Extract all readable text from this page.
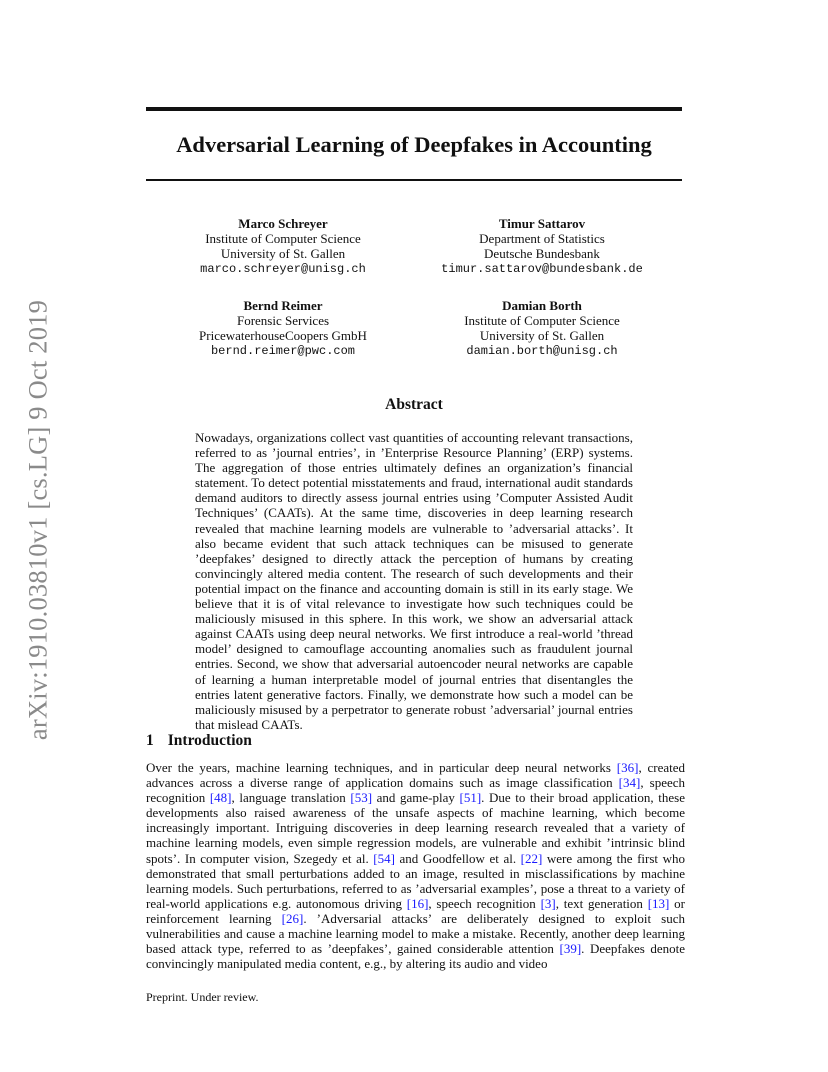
Adversarial Learning of Deepfakes in Accounting
Marco Schreyer
Institute of Computer Science
University of St. Gallen
marco.schreyer@unisg.ch
Timur Sattarov
Department of Statistics
Deutsche Bundesbank
timur.sattarov@bundesbank.de
Bernd Reimer
Forensic Services
PricewaterhouseCoopers GmbH
bernd.reimer@pwc.com
Damian Borth
Institute of Computer Science
University of St. Gallen
damian.borth@unisg.ch
arXiv:1910.03810v1 [cs.LG] 9 Oct 2019	Abstract

Nowadays, organizations collect vast quantities of accounting relevant transactions, referred to as ’journal entries’, in ’Enterprise Resource Planning’ (ERP) systems. The aggregation of those entries ultimately defines an organization’s financial statement. To detect potential misstatements and fraud, international audit standards demand auditors to directly assess journal entries using ’Computer Assisted Audit Techniques’ (CAATs). At the same time, discoveries in deep learning research revealed that machine learning models are vulnerable to ’adversarial attacks’. It also became evident that such attack techniques can be misused to generate ’deepfakes’ designed to directly attack the perception of humans by creating convincingly altered media content. The research of such developments and their potential impact on the finance and accounting domain is still in its early stage. We believe that it is of vital relevance to investigate how such techniques could be maliciously misused in this sphere. In this work, we show an adversarial attack against CAATs using deep neural networks. We first introduce a real-world ’thread model’ designed to camouflage accounting anomalies such as fraudulent journal entries. Second, we show that adversarial autoencoder neural networks are capable of learning a human interpretable model of journal entries that disentangles the entries latent generative factors. Finally, we demonstrate how such a model can be maliciously misused by a perpetrator to generate robust ’adversarial’ journal entries that mislead CAATs.

1 Introduction

Over the years, machine learning techniques, and in particular deep neural networks [36], created advances across a diverse range of application domains such as image classification [34], speech recognition [48], language translation [53] and game-play [51]. Due to their broad application, these developments also raised awareness of the unsafe aspects of machine learning, which become increasingly important. Intriguing discoveries in deep learning research revealed that a variety of machine learning models, even simple regression models, are vulnerable and exhibit ’intrinsic blind spots’. In computer vision, Szegedy et al. [54] and Goodfellow et al. [22] were among the first who demonstrated that small perturbations added to an image, resulted in misclassifications by machine learning models. Such perturbations, referred to as ’adversarial examples’, pose a threat to a variety of real-world applications e.g. autonomous driving [16], speech recognition [3], text generation [13] or reinforcement learning [26]. ’Adversarial attacks’ are deliberately designed to exploit such vulnerabilities and cause a machine learning model to make a mistake. Recently, another deep learning based attack type, referred to as ’deepfakes’, gained considerable attention [39]. Deepfakes denote convincingly manipulated media content, e.g., by altering its audio and video

Preprint. Under review.
